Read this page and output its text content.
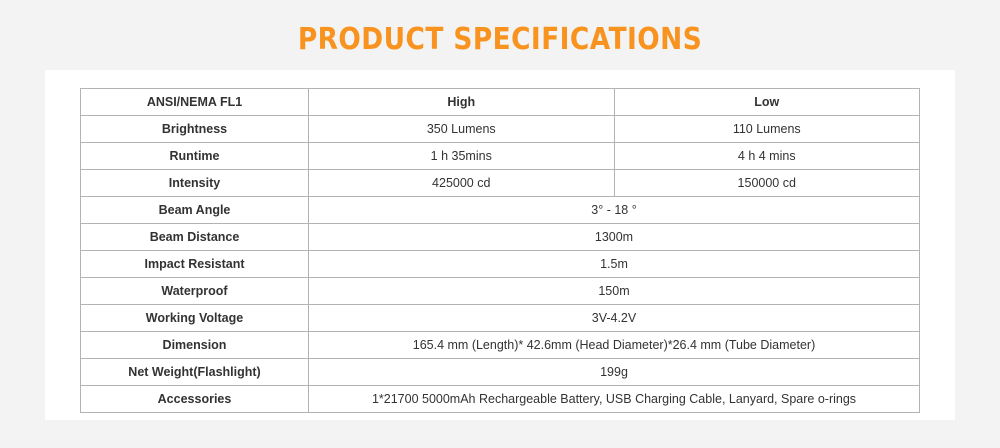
PRODUCT SPECIFICATIONS
ANSI/NEMA FL1	High	Low
Brightness	350 Lumens	110 Lumens
Runtime	1 h 35mins	4 h 4 mins
Intensity	425000 cd	150000 cd
Beam Angle	3° - 18 °	
Beam Distance	1300m	
Impact Resistant	1.5m	
Waterproof	150m	
Working Voltage	3V-4.2V	
Dimension	165.4 mm (Length)* 42.6mm (Head Diameter)*26.4 mm (Tube Diameter)	
Net Weight(Flashlight)	199g	
Accessories	1*21700 5000mAh Rechargeable Battery, USB Charging Cable, Lanyard, Spare o-rings	
